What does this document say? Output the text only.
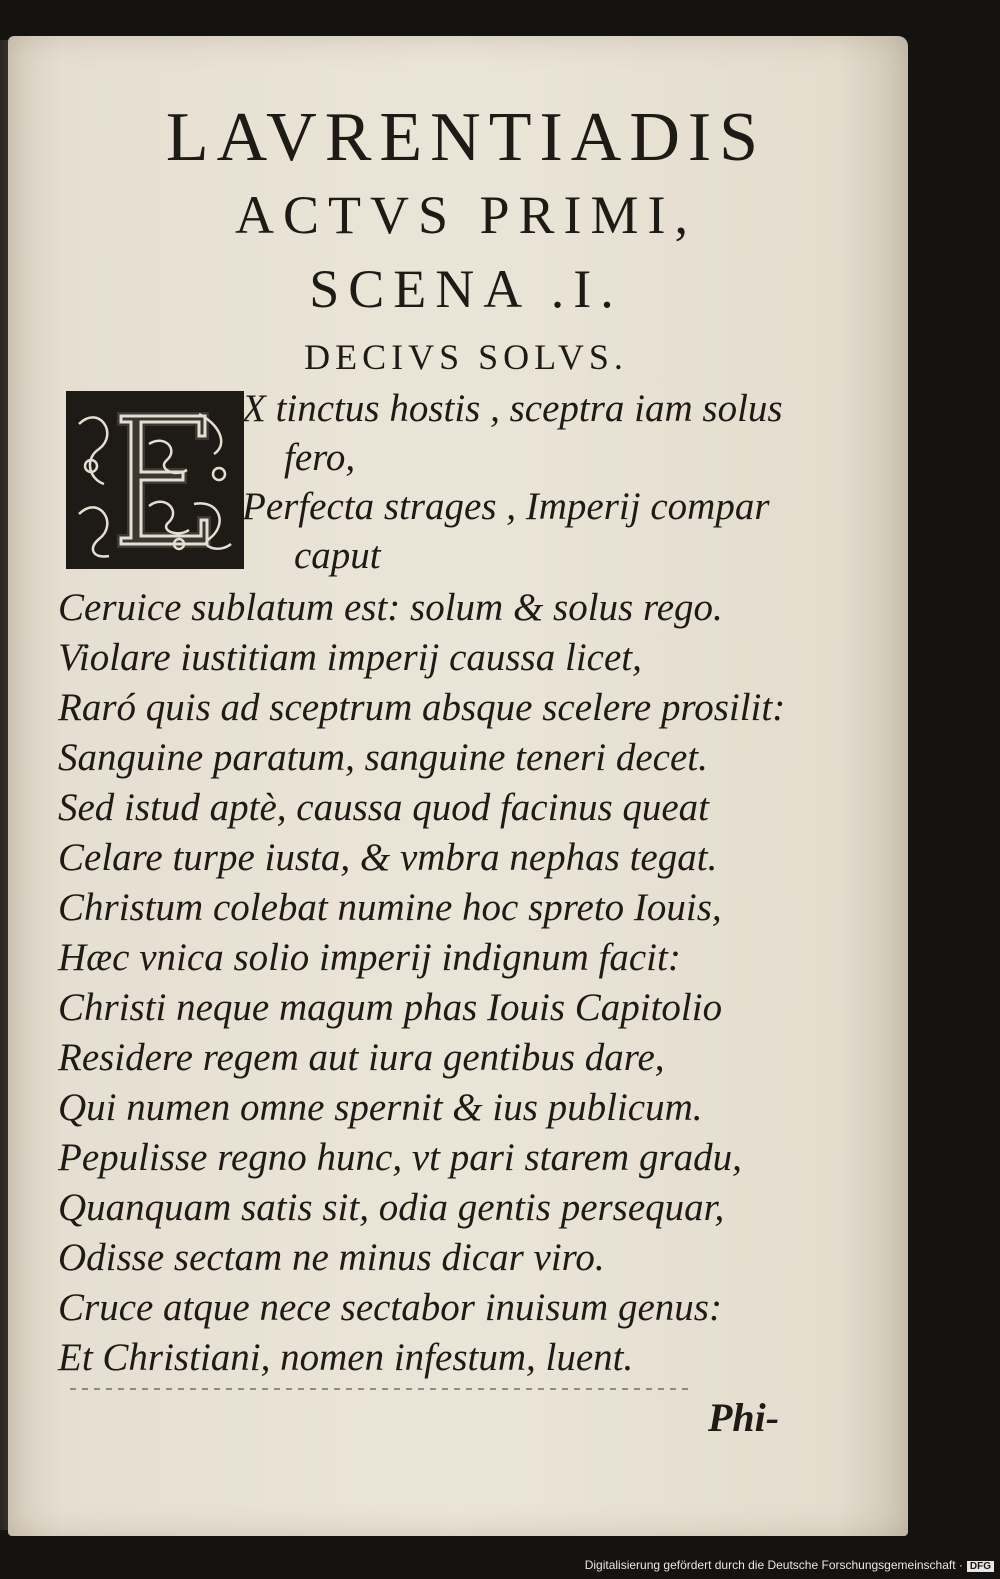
LAVRENTIADIS
ACTVS PRIMI,
SCENA .I.
DECIVS SOLVS.
X tinctus hostis , sceptra iam solus
fero,
Perfecta strages , Imperij compar
caput
Ceruice sublatum est: solum & solus rego.
Violare iustitiam imperij caussa licet,
Raró quis ad sceptrum absque scelere prosilit:
Sanguine paratum, sanguine teneri decet.
Sed istud aptè, caussa quod facinus queat
Celare turpe iusta, & vmbra nephas tegat.
Christum colebat numine hoc spreto Iouis,
Hæc vnica solio imperij indignum facit:
Christi neque magum phas Iouis Capitolio
Residere regem aut iura gentibus dare,
Qui numen omne spernit & ius publicum.
Pepulisse regno hunc, vt pari starem gradu,
Quanquam satis sit, odia gentis persequar,
Odisse sectam ne minus dicar viro.
Cruce atque nece sectabor inuisum genus:
Et Christiani, nomen infestum, luent.
Phi-
Digitalisierung gefördert durch die Deutsche Forschungsgemeinschaft · DFG
